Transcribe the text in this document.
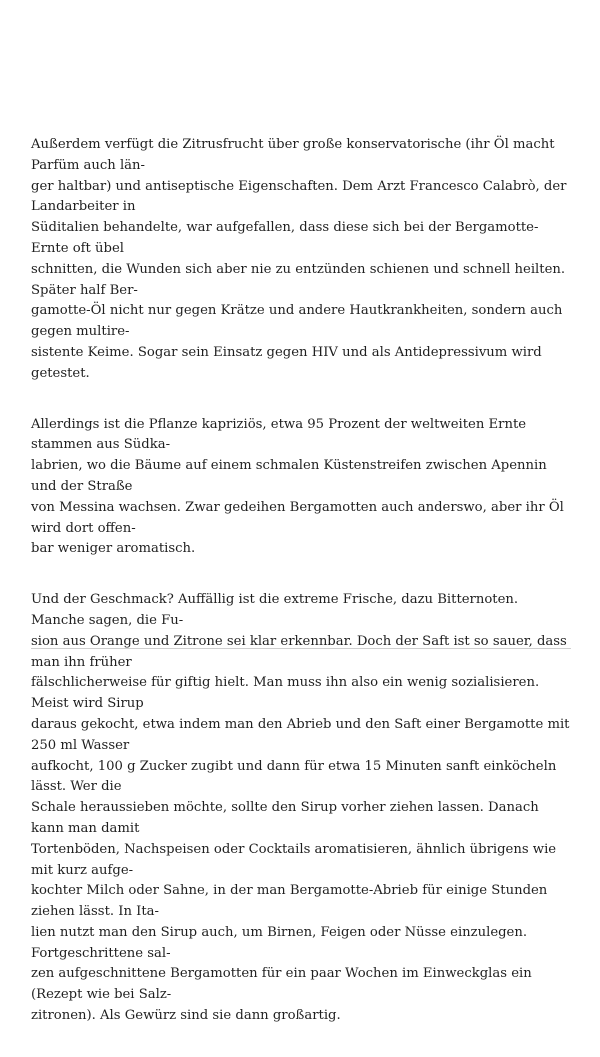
Außerdem verfügt die Zitrusfrucht über große konservatorische (ihr Öl macht Parfüm auch län-
ger haltbar) und antiseptische Eigenschaften. Dem Arzt Francesco Calabrò, der Landarbeiter in
Süditalien behandelte, war aufgefallen, dass diese sich bei der Bergamotte-Ernte oft übel
schnitten, die Wunden sich aber nie zu entzünden schienen und schnell heilten. Später half Ber-
gamotte-Öl nicht nur gegen Krätze und andere Hautkrankheiten, sondern auch gegen multire-
sistente Keime. Sogar sein Einsatz gegen HIV und als Antidepressivum wird getestet.

Allerdings ist die Pflanze kapriziös, etwa 95 Prozent der weltweiten Ernte stammen aus Südka-
labrien, wo die Bäume auf einem schmalen Küstenstreifen zwischen Apennin und der Straße
von Messina wachsen. Zwar gedeihen Bergamotten auch anderswo, aber ihr Öl wird dort offen-
bar weniger aromatisch.

Und der Geschmack? Auffällig ist die extreme Frische, dazu Bitternoten. Manche sagen, die Fu-
sion aus Orange und Zitrone sei klar erkennbar. Doch der Saft ist so sauer, dass man ihn früher
fälschlicherweise für giftig hielt. Man muss ihn also ein wenig sozialisieren. Meist wird Sirup
daraus gekocht, etwa indem man den Abrieb und den Saft einer Bergamotte mit 250 ml Wasser
aufkocht, 100 g Zucker zugibt und dann für etwa 15 Minuten sanft einköcheln lässt. Wer die
Schale heraussieben möchte, sollte den Sirup vorher ziehen lassen. Danach kann man damit
Tortenböden, Nachspeisen oder Cocktails aromatisieren, ähnlich übrigens wie mit kurz aufge-
kochter Milch oder Sahne, in der man Bergamotte-Abrieb für einige Stunden ziehen lässt. In Ita-
lien nutzt man den Sirup auch, um Birnen, Feigen oder Nüsse einzulegen. Fortgeschrittene sal-
zen aufgeschnittene Bergamotten für ein paar Wochen im Einweckglas ein (Rezept wie bei Salz-
zitronen). Als Gewürz sind sie dann großartig.
